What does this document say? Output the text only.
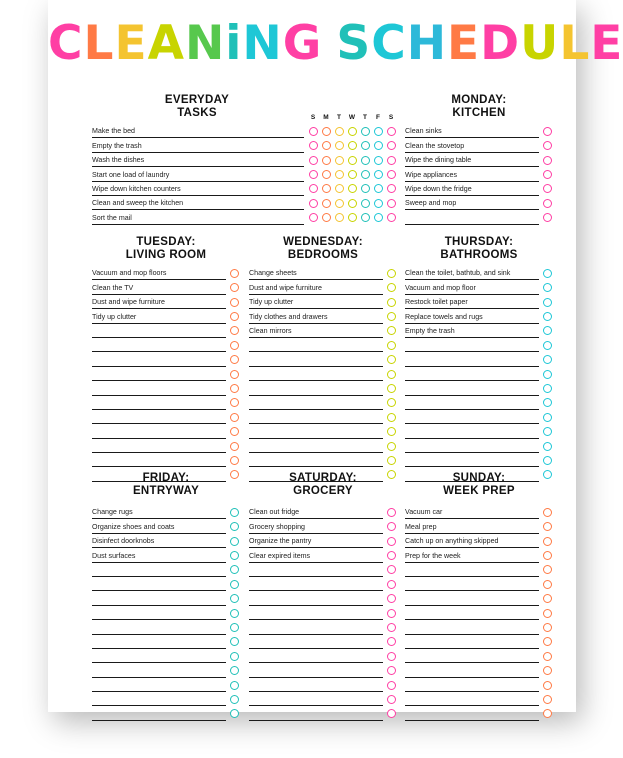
CLEANiNG SCHEDULE
EVERYDAY
TASKS	S	M	T	W	T	F	S
Make the bed
Empty the trash
Wash the dishes
Start one load of laundry
Wipe down kitchen counters
Clean and sweep the kitchen
Sort the mail
MONDAY:
KITCHEN
Clean sinks
Clean the stovetop
Wipe the dining table
Wipe appliances
Wipe down the fridge
Sweep and mop
TUESDAY:
LIVING ROOM
Vacuum and mop floors
Clean the TV
Dust and wipe furniture
Tidy up clutter
WEDNESDAY:
BEDROOMS
Change sheets
Dust and wipe furniture
Tidy up clutter
Tidy clothes and drawers
Clean mirrors
THURSDAY:
BATHROOMS
Clean the toilet, bathtub, and sink
Vacuum and mop floor
Restock toilet paper
Replace towels and rugs
Empty the trash
FRIDAY:
ENTRYWAY
Change rugs
Organize shoes and coats
Disinfect doorknobs
Dust surfaces
SATURDAY:
GROCERY
Clean out fridge
Grocery shopping
Organize the pantry
Clear expired items
SUNDAY:
WEEK PREP
Vacuum car
Meal prep
Catch up on anything skipped
Prep for the week
